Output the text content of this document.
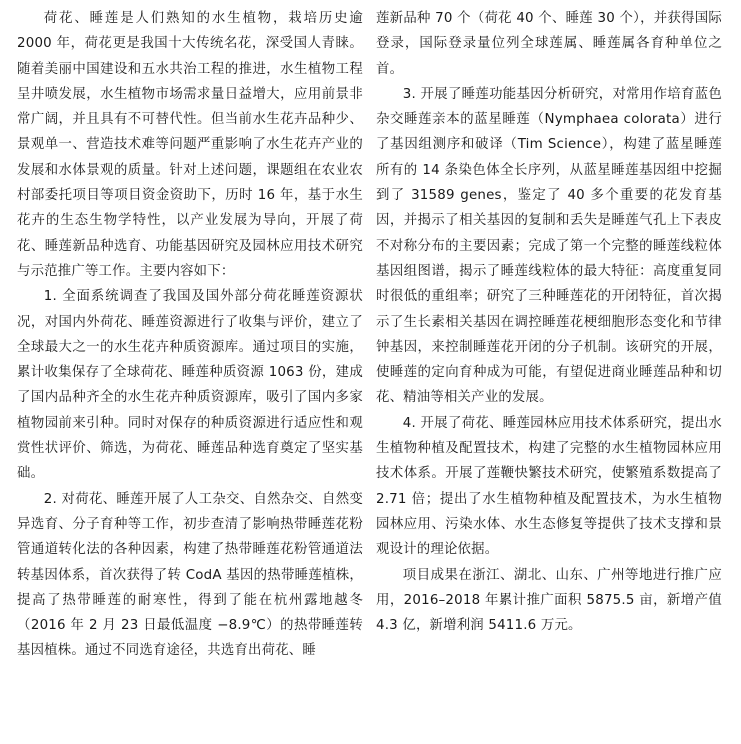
荷花、睡莲是人们熟知的水生植物，栽培历史逾 2000 年，荷花更是我国十大传统名花，深受国人青睐。随着美丽中国建设和五水共治工程的推进，水生植物工程呈井喷发展，水生植物市场需求量日益增大，应用前景非常广阔，并且具有不可替代性。但当前水生花卉品种少、景观单一、营造技术难等问题严重影响了水生花卉产业的发展和水体景观的质量。针对上述问题，课题组在农业农村部委托项目等项目资金资助下，历时 16 年，基于水生花卉的生态生物学特性，以产业发展为导向，开展了荷花、睡莲新品种选育、功能基因研究及园林应用技术研究与示范推广等工作。主要内容如下：

1. 全面系统调查了我国及国外部分荷花睡莲资源状况，对国内外荷花、睡莲资源进行了收集与评价，建立了全球最大之一的水生花卉种质资源库。通过项目的实施，累计收集保存了全球荷花、睡莲种质资源 1063 份，建成了国内品种齐全的水生花卉种质资源库，吸引了国内多家植物园前来引种。同时对保存的种质资源进行适应性和观赏性状评价、筛选，为荷花、睡莲品种选育奠定了坚实基础。

2. 对荷花、睡莲开展了人工杂交、自然杂交、自然变异选育、分子育种等工作，初步查清了影响热带睡莲花粉管通道转化法的各种因素，构建了热带睡莲花粉管通道法转基因体系，首次获得了转 CodA 基因的热带睡莲植株，提高了热带睡莲的耐寒性，得到了能在杭州露地越冬（2016 年 2 月 23 日最低温度 −8.9℃）的热带睡莲转基因植株。通过不同选育途径，共选育出荷花、睡

莲新品种 70 个（荷花 40 个、睡莲 30 个），并获得国际登录，国际登录量位列全球莲属、睡莲属各育种单位之首。

3. 开展了睡莲功能基因分析研究，对常用作培育蓝色杂交睡莲亲本的蓝星睡莲（Nymphaea colorata）进行了基因组测序和破译（Tim Science），构建了蓝星睡莲所有的 14 条染色体全长序列，从蓝星睡莲基因组中挖掘到了 31589 genes，鉴定了 40 多个重要的花发育基因，并揭示了相关基因的复制和丢失是睡莲气孔上下表皮不对称分布的主要因素；完成了第一个完整的睡莲线粒体基因组图谱，揭示了睡莲线粒体的最大特征：高度重复同时很低的重组率；研究了三种睡莲花的开闭特征，首次揭示了生长素相关基因在调控睡莲花梗细胞形态变化和节律钟基因，来控制睡莲花开闭的分子机制。该研究的开展，使睡莲的定向育种成为可能，有望促进商业睡莲品种和切花、精油等相关产业的发展。

4. 开展了荷花、睡莲园林应用技术体系研究，提出水生植物种植及配置技术，构建了完整的水生植物园林应用技术体系。开展了莲鞭快繁技术研究，使繁殖系数提高了 2.71 倍；提出了水生植物种植及配置技术，为水生植物园林应用、污染水体、水生态修复等提供了技术支撑和景观设计的理论依据。

项目成果在浙江、湖北、山东、广州等地进行推广应用，2016–2018 年累计推广面积 5875.5 亩，新增产值 4.3 亿，新增利润 5411.6 万元。
